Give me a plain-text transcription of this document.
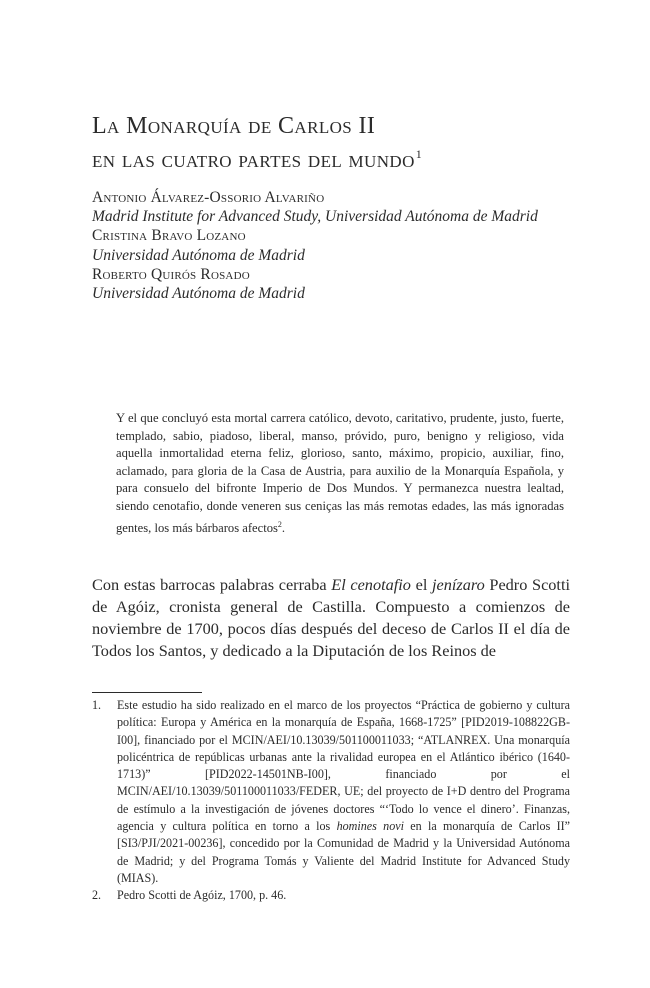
La Monarquía de Carlos II
en las cuatro partes del mundo$^1$
Antonio Álvarez-Ossorio Alvariño
Madrid Institute for Advanced Study, Universidad Autónoma de Madrid
Cristina Bravo Lozano
Universidad Autónoma de Madrid
Roberto Quirós Rosado
Universidad Autónoma de Madrid

Y el que concluyó esta mortal carrera católico, devoto, caritativo, prudente, justo, fuerte, templado, sabio, piadoso, liberal, manso, próvido, puro, benigno y religioso, vida aquella inmortalidad eterna feliz, glorioso, santo, máximo, propicio, auxiliar, fino, aclamado, para gloria de la Casa de Austria, para auxilio de la Monarquía Española, y para consuelo del bifronte Imperio de Dos Mundos. Y permanezca nuestra lealtad, siendo cenotafio, donde veneren sus ceniças las más remotas edades, las más ignoradas gentes, los más bárbaros afectos$^2$.

Con estas barrocas palabras cerraba El cenotafio el jenízaro Pedro Scotti de Agóiz, cronista general de Castilla. Compuesto a comienzos de noviembre de 1700, pocos días después del deceso de Carlos II el día de Todos los Santos, y dedicado a la Diputación de los Reinos de

1. Este estudio ha sido realizado en el marco de los proyectos “Práctica de gobierno y cultura política: Europa y América en la monarquía de España, 1668-1725” [PID2019-108822GB-I00], financiado por el MCIN/AEI/10.13039/501100011033; “ATLANREX. Una monarquía policéntrica de repúblicas urbanas ante la rivalidad europea en el Atlántico ibérico (1640-1713)” [PID2022-14501NB-I00], financiado por el MCIN/AEI/10.13039/501100011033/FEDER, UE; del proyecto de I+D dentro del Programa de estímulo a la investigación de jóvenes doctores “‘Todo lo vence el dinero’. Finanzas, agencia y cultura política en torno a los homines novi en la monarquía de Carlos II” [SI3/PJI/2021-00236], concedido por la Comunidad de Madrid y la Universidad Autónoma de Madrid; y del Programa Tomás y Valiente del Madrid Institute for Advanced Study (MIAS).

2. Pedro Scotti de Agóiz, 1700, p. 46.
